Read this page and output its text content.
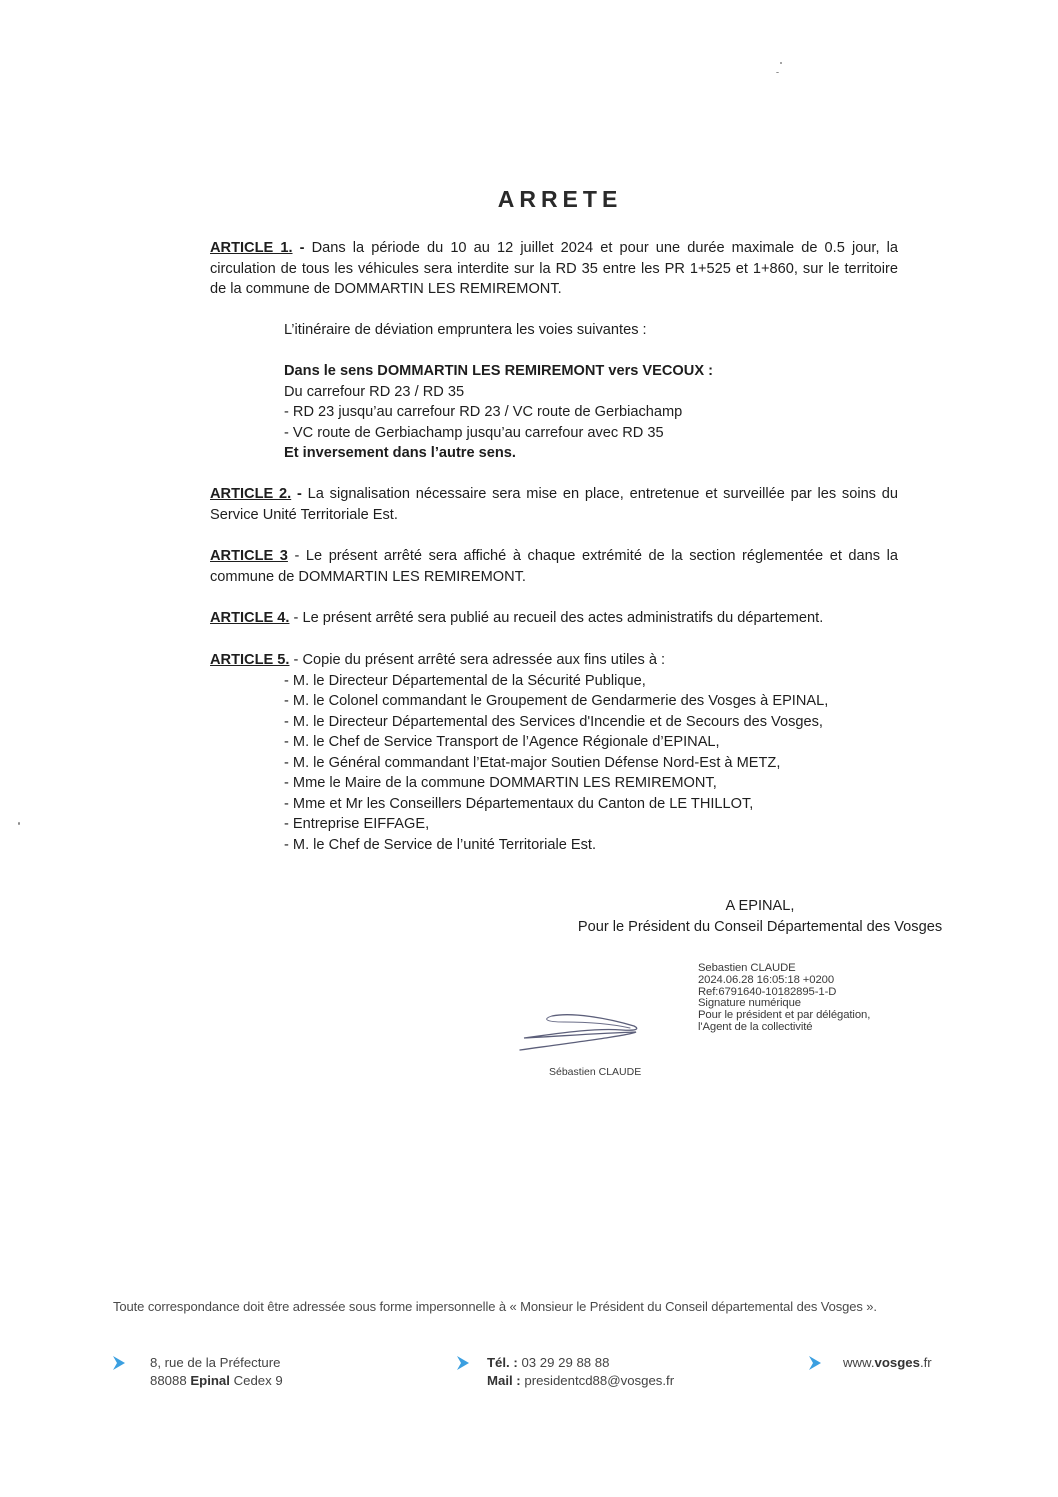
ARRETE
ARTICLE 1. - Dans la période du 10 au 12 juillet 2024 et pour une durée maximale de 0.5 jour, la circulation de tous les véhicules sera interdite sur la RD 35 entre les PR 1+525 et 1+860, sur le territoire de la commune de DOMMARTIN LES REMIREMONT.
L’itinéraire de déviation empruntera les voies suivantes :
Dans le sens DOMMARTIN LES REMIREMONT vers VECOUX :
Du carrefour RD 23 / RD 35
- RD 23 jusqu’au carrefour RD 23 / VC route de Gerbiachamp
- VC route de Gerbiachamp jusqu’au carrefour avec RD 35
Et inversement dans l’autre sens.
ARTICLE 2. - La signalisation nécessaire sera mise en place, entretenue et surveillée par les soins du Service Unité Territoriale Est.
ARTICLE 3 - Le présent arrêté sera affiché à chaque extrémité de la section réglementée et dans la commune de DOMMARTIN LES REMIREMONT.
ARTICLE 4. - Le présent arrêté sera publié au recueil des actes administratifs du département.
ARTICLE 5. - Copie du présent arrêté sera adressée aux fins utiles à :
- M. le Directeur Départemental de la Sécurité Publique,
- M. le Colonel commandant le Groupement de Gendarmerie des Vosges à EPINAL,
- M. le Directeur Départemental des Services d'Incendie et de Secours des Vosges,
- M. le Chef de Service Transport de l’Agence Régionale d’EPINAL,
- M. le Général commandant l’Etat-major Soutien Défense Nord-Est à METZ,
- Mme le Maire de la commune DOMMARTIN LES REMIREMONT,
- Mme et Mr les Conseillers Départementaux du Canton de LE THILLOT,
- Entreprise EIFFAGE,
- M. le Chef de Service de l’unité Territoriale Est.
A EPINAL,
Pour le Président du Conseil Départemental des Vosges
Sebastien CLAUDE
2024.06.28 16:05:18 +0200
Ref:6791640-10182895-1-D
Signature numérique
Pour le président et par délégation,
l'Agent de la collectivité
Sébastien CLAUDE
Toute correspondance doit être adressée sous forme impersonnelle à « Monsieur le Président du Conseil départemental des Vosges ».
8, rue de la Préfecture
88088 Epinal Cedex 9
Tél. : 03 29 29 88 88
Mail : presidentcd88@vosges.fr
www.vosges.fr
